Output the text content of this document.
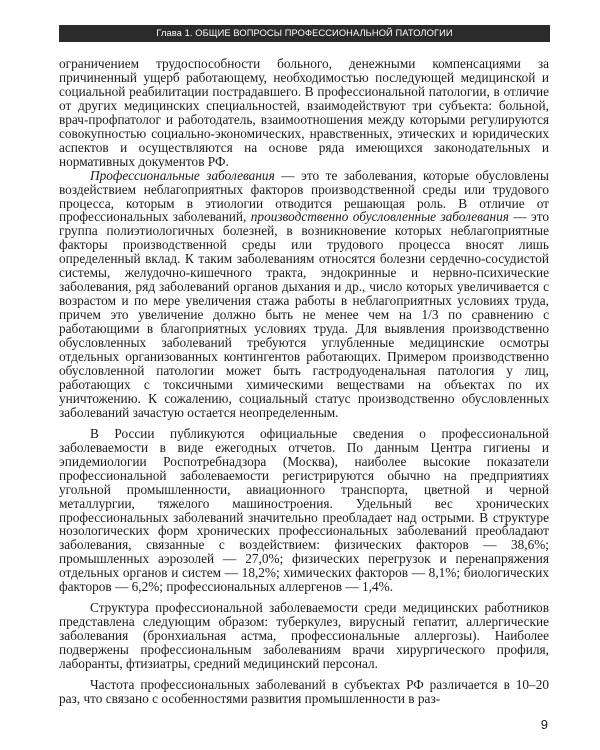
Глава 1. ОБЩИЕ ВОПРОСЫ ПРОФЕССИОНАЛЬНОЙ ПАТОЛОГИИ

ограничением трудоспособности больного, денежными компенсациями за причиненный ущерб работающему, необходимостью последующей медицинской и социальной реабилитации пострадавшего. В профессиональной патологии, в отличие от других медицинских специальностей, взаимодействуют три субъекта: больной, врач-профпатолог и работодатель, взаимоотношения между которыми регулируются совокупностью социально-экономических, нравственных, этических и юридических аспектов и осуществляются на основе ряда имеющихся законодательных и нормативных документов РФ.

Профессиональные заболевания — это те заболевания, которые обусловлены воздействием неблагоприятных факторов производственной среды или трудового процесса, которым в этиологии отводится решающая роль. В отличие от профессиональных заболеваний, производственно обусловленные заболевания — это группа полиэтиологичных болезней, в возникновение которых неблагоприятные факторы производственной среды или трудового процесса вносят лишь определенный вклад. К таким заболеваниям относятся болезни сердечно-сосудистой системы, желудочно-кишечного тракта, эндокринные и нервно-психические заболевания, ряд заболеваний органов дыхания и др., число которых увеличивается с возрастом и по мере увеличения стажа работы в неблагоприятных условиях труда, причем это увеличение должно быть не менее чем на 1/3 по сравнению с работающими в благоприятных условиях труда. Для выявления производственно обусловленных заболеваний требуются углубленные медицинские осмотры отдельных организованных контингентов работающих. Примером производственно обусловленной патологии может быть гастродуоденальная патология у лиц, работающих с токсичными химическими веществами на объектах по их уничтожению. К сожалению, социальный статус производственно обусловленных заболеваний зачастую остается неопределенным.

В России публикуются официальные сведения о профессиональной заболеваемости в виде ежегодных отчетов. По данным Центра гигиены и эпидемиологии Роспотребнадзора (Москва), наиболее высокие показатели профессиональной заболеваемости регистрируются обычно на предприятиях угольной промышленности, авиационного транспорта, цветной и черной металлургии, тяжелого машиностроения. Удельный вес хронических профессиональных заболеваний значительно преобладает над острыми. В структуре нозологических форм хронических профессиональных заболеваний преобладают заболевания, связанные с воздействием: физических факторов — 38,6%; промышленных аэрозолей — 27,0%; физических перегрузок и перенапряжения отдельных органов и систем — 18,2%; химических факторов — 8,1%; биологических факторов — 6,2%; профессиональных аллергенов — 1,4%.

Структура профессиональной заболеваемости среди медицинских работников представлена следующим образом: туберкулез, вирусный гепатит, аллергические заболевания (бронхиальная астма, профессиональные аллергозы). Наиболее подвержены профессиональным заболеваниям врачи хирургического профиля, лаборанты, фтизиатры, средний медицинский персонал.

Частота профессиональных заболеваний в субъектах РФ различается в 10–20 раз, что связано с особенностями развития промышленности в раз-

9
